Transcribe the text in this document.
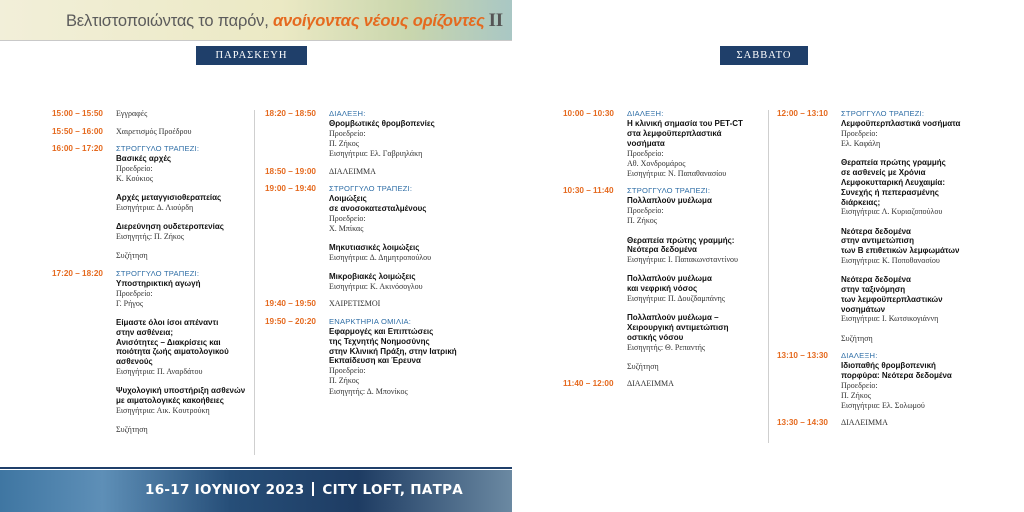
Βελτιστοποιώντας το παρόν, ανοίγοντας νέους ορίζοντες II
ΠΑΡΑΣΚΕΥΗ	ΣΑΒΒΑΤΟ
15:00 – 15:50	Εγγραφές
15:50 – 16:00	Χαιρετισμός Προέδρου
16:00 – 17:20	ΣΤΡΟΓΓΥΛΟ ΤΡΑΠΕΖΙ:
Βασικές αρχές
Προεδρείο:
Κ. Κούκιος
Αρχές μεταγγισιοθεραπείας
Εισηγήτρια: Δ. Λιούρδη
Διερεύνηση ουδετεροπενίας
Εισηγητής: Π. Ζήκος
Συζήτηση
17:20 – 18:20	ΣΤΡΟΓΓΥΛΟ ΤΡΑΠΕΖΙ:
Υποστηρικτική αγωγή
Προεδρείο:
Γ. Ρήγος
Είμαστε όλοι ίσοι απέναντι
στην ασθένεια;
Ανισότητες – Διακρίσεις και
ποιότητα ζωής αιματολογικού
ασθενούς
Εισηγήτρια: Π. Αναρδάτου
Ψυχολογική υποστήριξη ασθενών
με αιματολογικές κακοήθειες
Εισηγήτρια: Αικ. Κουτρούκη
Συζήτηση
18:20 – 18:50	ΔΙΑΛΕΞΗ:
Θρομβωτικές θρομβοπενίες
Προεδρείο:
Π. Ζήκος
Εισηγήτρια: Ελ. Γαβριηλάκη
18:50 – 19:00	ΔΙΑΛΕΙΜΜΑ
19:00 – 19:40	ΣΤΡΟΓΓΥΛΟ ΤΡΑΠΕΖΙ:
Λοιμώξεις
σε ανοσοκατεσταλμένους
Προεδρείο:
Χ. Μπίκας
Μηκυτιασικές λοιμώξεις
Εισηγήτρια: Δ. Δημητροπούλου
Μικροβιακές λοιμώξεις
Εισηγήτρια: Κ. Ακινόσογλου
19:40 – 19:50	ΧΑΙΡΕΤΙΣΜΟΙ
19:50 – 20:20	ΕΝΑΡΚΤΗΡΙΑ ΟΜΙΛΙΑ:
Εφαρμογές και Επιπτώσεις
της Τεχνητής Νοημοσύνης
στην Κλινική Πράξη, στην Ιατρική
Εκπαίδευση και Έρευνα
Προεδρείο:
Π. Ζήκος
Εισηγητής: Δ. Μπονίκος
10:00 – 10:30	ΔΙΑΛΕΞΗ:
Η κλινική σημασία του PET-CT
στα λεμφοϋπερπλαστικά
νοσήματα
Προεδρείο:
Αθ. Χονδρομάρος
Εισηγήτρια: Ν. Παπαθανασίου
10:30 – 11:40	ΣΤΡΟΓΓΥΛΟ ΤΡΑΠΕΖΙ:
Πολλαπλούν μυέλωμα
Προεδρείο:
Π. Ζήκος
Θεραπεία πρώτης γραμμής:
Νεότερα δεδομένα
Εισηγήτρια: Ι. Παπακωνσταντίνου
Πολλαπλούν μυέλωμα
και νεφρική νόσος
Εισηγήτρια: Π. Δουζδαμπάνης
Πολλαπλούν μυέλωμα –
Χειρουργική αντιμετώπιση
οστικής νόσου
Εισηγητής: Θ. Ρεπαντής
Συζήτηση
11:40 – 12:00	ΔΙΑΛΕΙΜΜΑ
12:00 – 13:10	ΣΤΡΟΓΓΥΛΟ ΤΡΑΠΕΖΙ:
Λεμφοϋπερπλαστικά νοσήματα
Προεδρείο:
Ελ. Καφάλη
Θεραπεία πρώτης γραμμής
σε ασθενείς με Χρόνια
Λεμφοκυτταρική Λευχαιμία:
Συνεχής ή πεπερασμένης
διάρκειας;
Εισηγήτρια: Λ. Κυριαζοπούλου
Νεότερα δεδομένα
στην αντιμετώπιση
των Β επιθετικών λεμφωμάτων
Εισηγήτρια: Κ. Ποποθανασίου
Νεότερα δεδομένα
στην ταξινόμηση
των λεμφοϋπερπλαστικών
νοσημάτων
Εισηγήτρια: Ι. Κωτσικογιάννη
Συζήτηση
13:10 – 13:30	ΔΙΑΛΕΞΗ:
Ιδιοπαθής θρομβοπενική
πορφύρα: Νεότερα δεδομένα
Προεδρείο:
Π. Ζήκος
Εισηγήτρια: Ελ. Σολωμού
13:30 – 14:30	ΔΙΑΛΕΙΜΜΑ
16-17 ΙΟΥΝΙΟΥ 2023 CITY LOFT, ΠΑΤΡΑ
